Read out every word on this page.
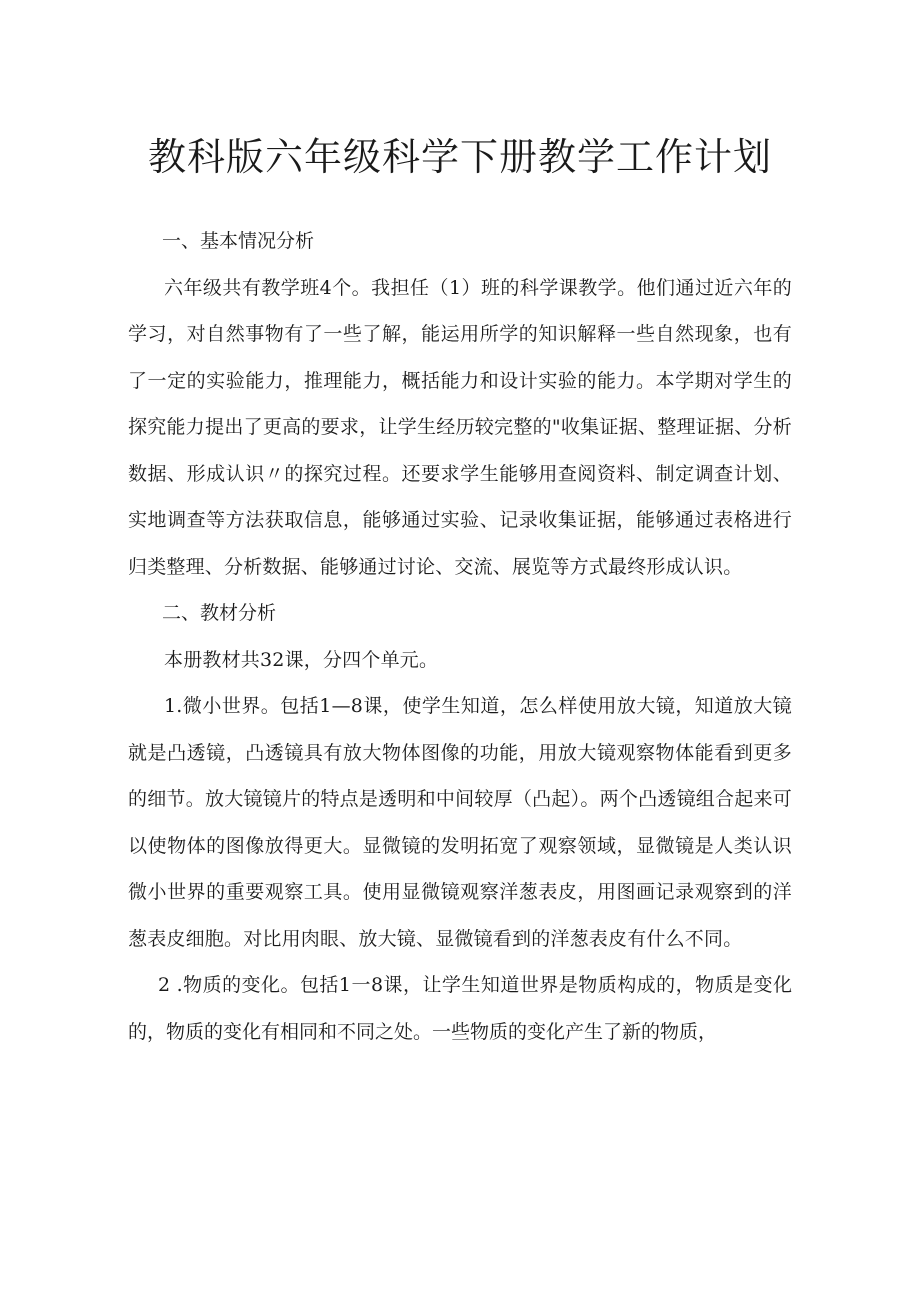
教科版六年级科学下册教学工作计划

一、基本情况分析

六年级共有教学班4个。我担任（1）班的科学课教学。他们通过近六年的学习，对自然事物有了一些了解，能运用所学的知识解释一些自然现象，也有了一定的实验能力，推理能力，概括能力和设计实验的能力。本学期对学生的探究能力提出了更高的要求，让学生经历较完整的"收集证据、整理证据、分析数据、形成认识〃的探究过程。还要求学生能够用查阅资料、制定调查计划、实地调查等方法获取信息，能够通过实验、记录收集证据，能够通过表格进行归类整理、分析数据、能够通过讨论、交流、展览等方式最终形成认识。

二、教材分析

本册教材共32课，分四个单元。

1.微小世界。包括1—8课，使学生知道，怎么样使用放大镜，知道放大镜就是凸透镜，凸透镜具有放大物体图像的功能，用放大镜观察物体能看到更多的细节。放大镜镜片的特点是透明和中间较厚（凸起）。两个凸透镜组合起来可以使物体的图像放得更大。显微镜的发明拓宽了观察领域，显微镜是人类认识微小世界的重要观察工具。使用显微镜观察洋葱表皮，用图画记录观察到的洋葱表皮细胞。对比用肉眼、放大镜、显微镜看到的洋葱表皮有什么不同。

2 .物质的变化。包括1一8课，让学生知道世界是物质构成的，物质是变化的，物质的变化有相同和不同之处。一些物质的变化产生了新的物质，
